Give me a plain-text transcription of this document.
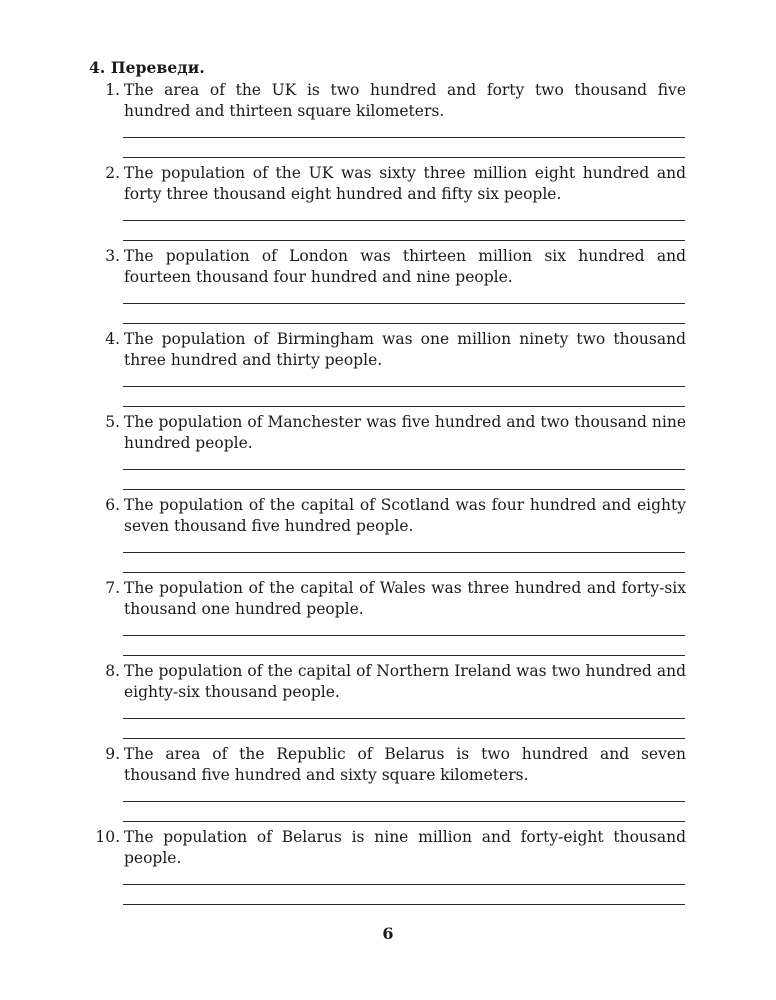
4. Переведи.
1. The area of the UK is two hundred and forty two thousand five hundred and thirteen square kilometers.
2. The population of the UK was sixty three million eight hundred and forty three thousand eight hundred and fifty six people.
3. The population of London was thirteen million six hundred and fourteen thousand four hundred and nine people.
4. The population of Birmingham was one million ninety two thousand three hundred and thirty people.
5. The population of Manchester was five hundred and two thousand nine hundred people.
6. The population of the capital of Scotland was four hundred and eighty seven thousand five hundred people.
7. The population of the capital of Wales was three hundred and forty-six thousand one hundred people.
8. The population of the capital of Northern Ireland was two hundred and eighty-six thousand people.
9. The area of the Republic of Belarus is two hundred and seven thousand five hundred and sixty square kilometers.
10. The population of Belarus is nine million and forty-eight thousand people.
6
